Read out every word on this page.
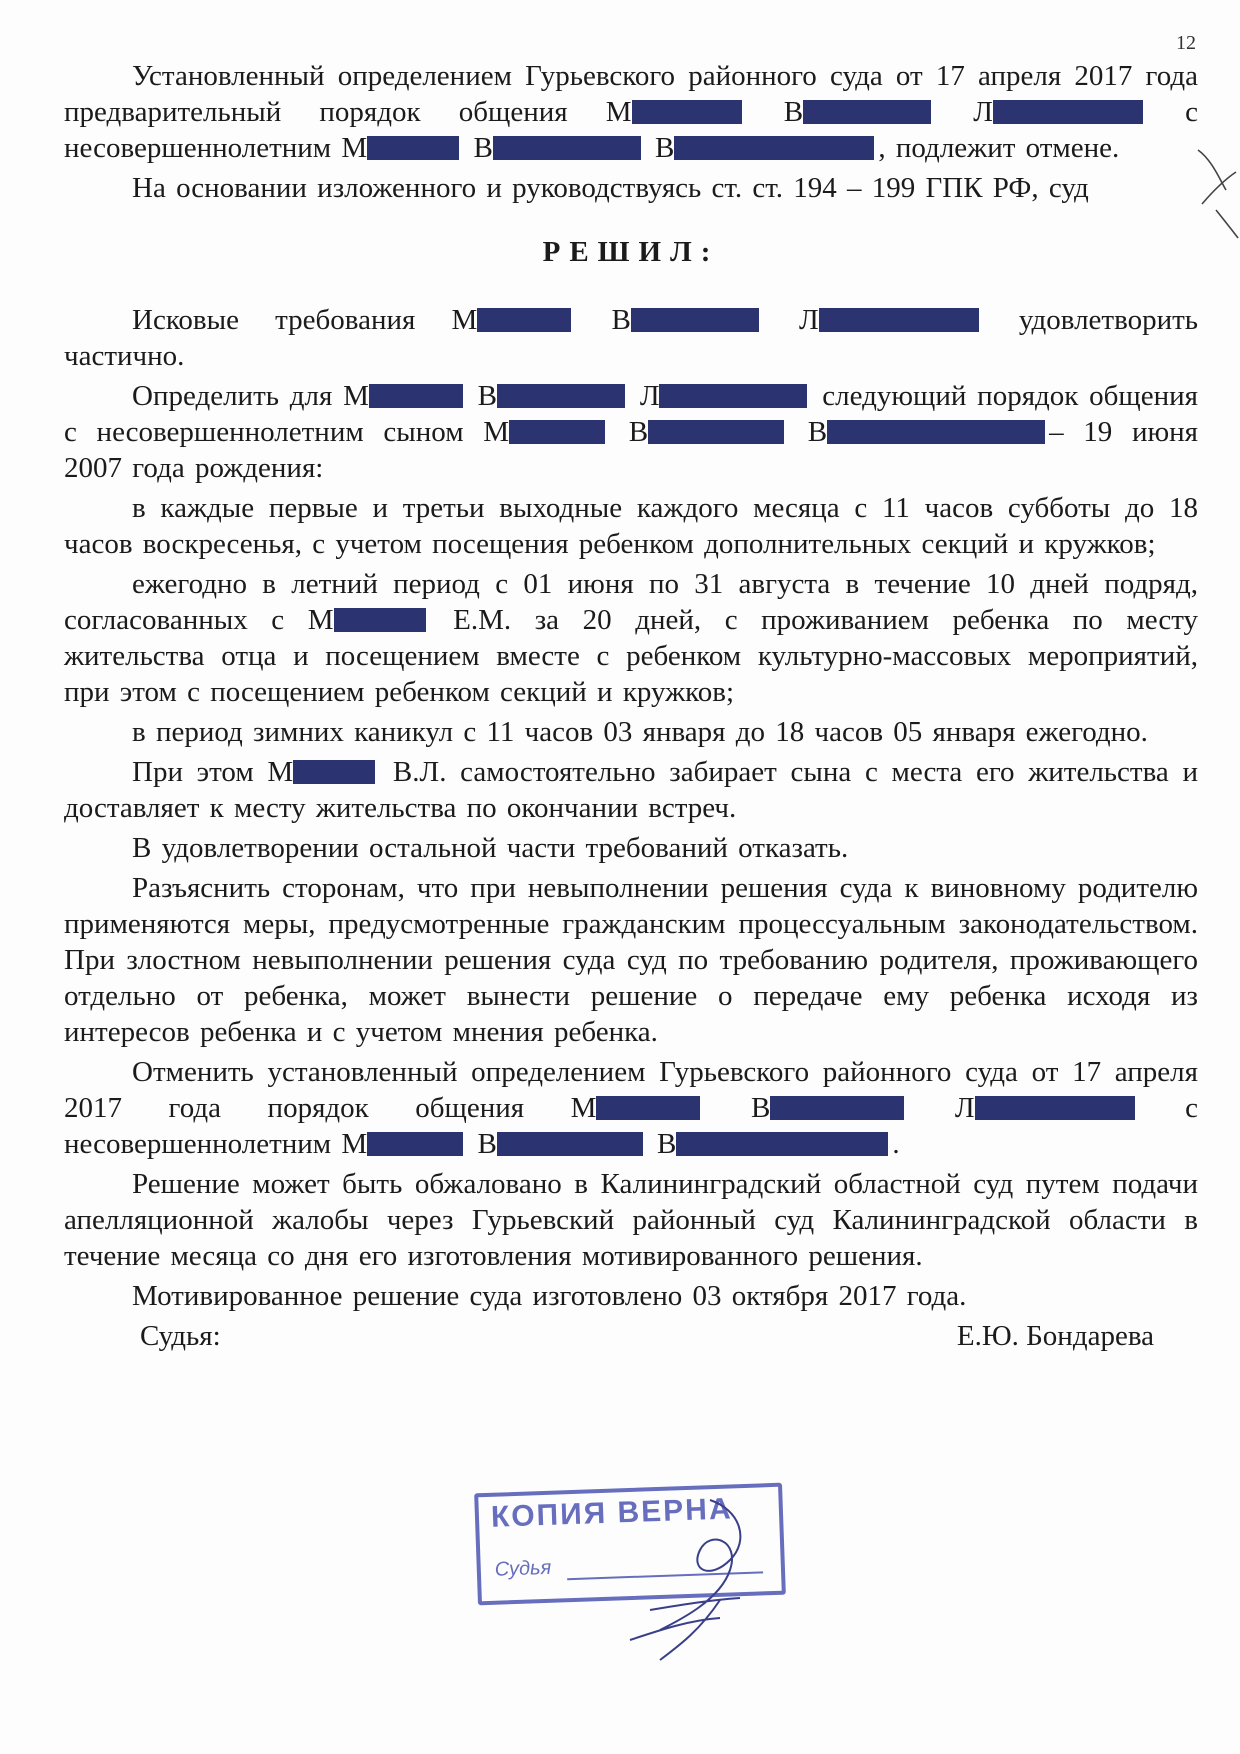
12

Установленный определением Гурьевского районного суда от 17 апреля 2017 года предварительный порядок общения М	В	Л	с несовершеннолетним М	В	В	, подлежит отмене.

На основании изложенного и руководствуясь ст. ст. 194 – 199 ГПК РФ, суд

РЕШИЛ:

Исковые требования М	В	Л	удовлетворить частично.

Определить для М	В	Л	следующий порядок общения с несовершеннолетним сыном М	В	В	– 19 июня 2007 года рождения:

в каждые первые и третьи выходные каждого месяца с 11 часов субботы до 18 часов воскресенья, с учетом посещения ребенком дополнительных секций и кружков;

ежегодно в летний период с 01 июня по 31 августа в течение 10 дней подряд, согласованных с М	Е.М. за 20 дней, с проживанием ребенка по месту жительства отца и посещением вместе с ребенком культурно-массовых мероприятий, при этом с посещением ребенком секций и кружков;

в период зимних каникул с 11 часов 03 января до 18 часов 05 января ежегодно.

При этом М	В.Л. самостоятельно забирает сына с места его жительства и доставляет к месту жительства по окончании встреч.

В удовлетворении остальной части требований отказать.

Разъяснить сторонам, что при невыполнении решения суда к виновному родителю применяются меры, предусмотренные гражданским процессуальным законодательством. При злостном невыполнении решения суда суд по требованию родителя, проживающего отдельно от ребенка, может вынести решение о передаче ему ребенка исходя из интересов ребенка и с учетом мнения ребенка.

Отменить установленный определением Гурьевского районного суда от 17 апреля 2017 года порядок общения М	В	Л	с несовершеннолетним М	В	В	.

Решение может быть обжаловано в Калининградский областной суд путем подачи апелляционной жалобы через Гурьевский районный суд Калининградской области в течение месяца со дня его изготовления мотивированного решения.

Мотивированное решение суда изготовлено 03 октября 2017 года.

Судья:	Е.Ю. Бондарева
КОПИЯ ВЕРНА
Судья
